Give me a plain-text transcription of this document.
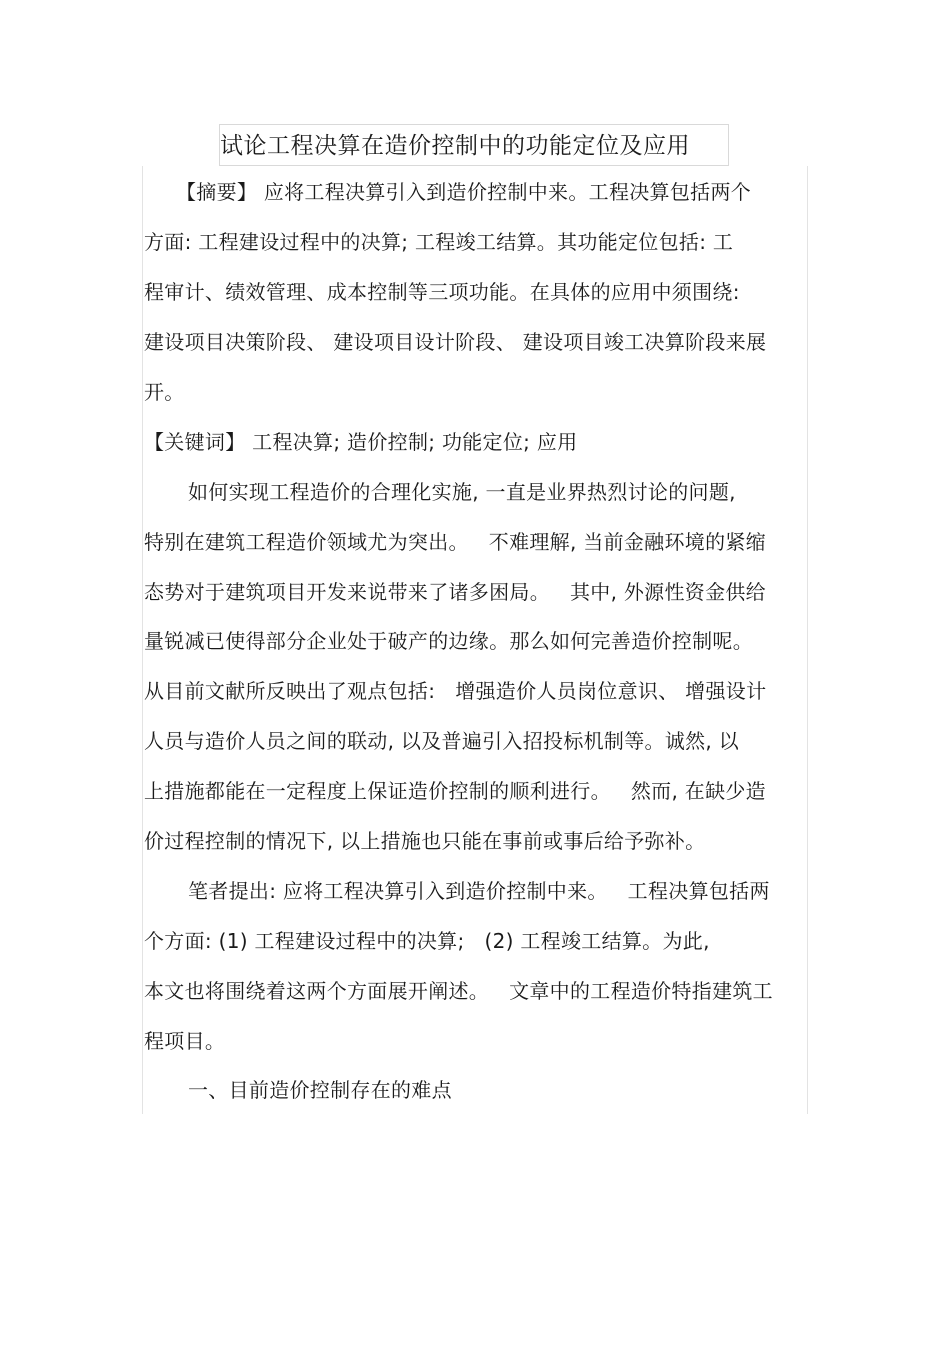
试论工程决算在造价控制中的功能定位及应用
【摘要】 应将工程决算引入到造价控制中来。工程决算包括两个
方面: 工程建设过程中的决算; 工程竣工结算。其功能定位包括: 工
程审计、绩效管理、成本控制等三项功能。在具体的应用中须围绕:
建设项目决策阶段、 建设项目设计阶段、 建设项目竣工决算阶段来展
开。
【关键词】 工程决算; 造价控制; 功能定位; 应用
如何实现工程造价的合理化实施, 一直是业界热烈讨论的问题,
特别在建筑工程造价领域尤为突出。   不难理解, 当前金融环境的紧缩
态势对于建筑项目开发来说带来了诸多困局。   其中, 外源性资金供给
量锐减已使得部分企业处于破产的边缘。那么如何完善造价控制呢。
从目前文献所反映出了观点包括:   增强造价人员岗位意识、 增强设计
人员与造价人员之间的联动, 以及普遍引入招投标机制等。诚然, 以
上措施都能在一定程度上保证造价控制的顺利进行。   然而, 在缺少造
价过程控制的情况下, 以上措施也只能在事前或事后给予弥补。
笔者提出: 应将工程决算引入到造价控制中来。   工程决算包括两
个方面: (1) 工程建设过程中的决算;   (2) 工程竣工结算。为此,
本文也将围绕着这两个方面展开阐述。   文章中的工程造价特指建筑工
程项目。
一、目前造价控制存在的难点
